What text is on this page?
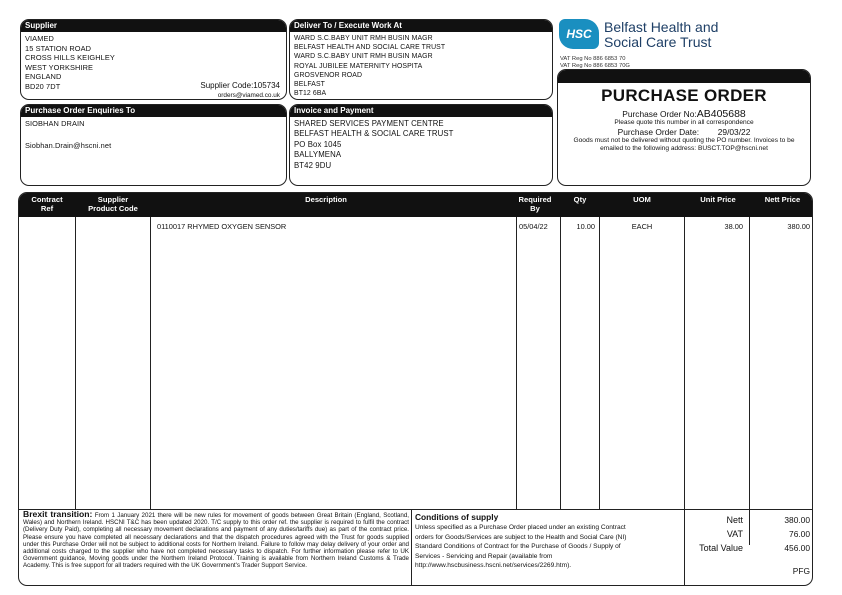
Supplier
VIAMED
15 STATION ROAD
CROSS HILLS KEIGHLEY
WEST YORKSHIRE
ENGLAND
BD20 7DT	Supplier Code:105734
orders@viamed.co.uk
Deliver To / Execute Work At
WARD S.C.BABY UNIT RMH BUSIN MAGR
BELFAST HEALTH AND SOCIAL CARE TRUST
WARD S.C.BABY UNIT RMH BUSIN MAGR
ROYAL JUBILEE MATERNITY HOSPITA
GROSVENOR ROAD
BELFAST
BT12 6BA
Purchase Order Enquiries To
SIOBHAN DRAIN
Siobhan.Drain@hscni.net
Invoice and Payment
SHARED SERVICES PAYMENT CENTRE
BELFAST HEALTH & SOCIAL CARE TRUST
PO Box 1045
BALLYMENA
BT42 9DU
HSC Belfast Health and
Social Care Trust
VAT Reg No 886 6853 70
VAT Reg No 886 6853 70G
PURCHASE ORDER
Purchase Order No:AB405688
Please quote this number in all correspondence
Purchase Order Date: 29/03/22
Goods must not be delivered without quoting the PO number. Invoices to be
emailed to the following address: BUSCT.TOP@hscni.net
Contract
Ref
Supplier
Product Code
Description	Required
By
Qty	UOM	Unit Price	Nett Price
0110017 RHYMED OXYGEN SENSOR	05/04/22	10.00	EACH	38.00	380.00
Brexit transition: From 1 January 2021 there will be new rules for movement of goods between Great Britain (England, Scotland, Wales) and Northern Ireland. HSCNI T&C has been updated 2020. T/C supply to this order ref. the supplier is required to fulfil the contract (Delivery Duty Paid), completing all necessary movement declarations and payment of any duties/tariffs due) as part of the contract price. Please ensure you have completed all necessary declarations and that the dispatch procedures agreed with the Trust for goods supplied under this Purchase Order will not be subject to additional costs for Northern Ireland. Failure to follow may delay delivery of your order and additional costs charged to the supplier who have not completed necessary tasks to dispatch. For further information please refer to UK Government guidance, Moving goods under the Northern Ireland Protocol. Training is available from Northern Ireland Customs & Trade Academy. This is free support for all traders required with the UK Government's Trader Support Service.
Conditions of supply
Unless specified as a Purchase Order placed under an existing Contract
orders for Goods/Services are subject to the Health and Social Care (NI)
Standard Conditions of Contract for the Purchase of Goods / Supply of
Services - Servicing and Repair (available from
http://www.hscbusiness.hscni.net/services/2269.htm).
Nett	380.00
VAT	76.00
Total Value	456.00
PFG
